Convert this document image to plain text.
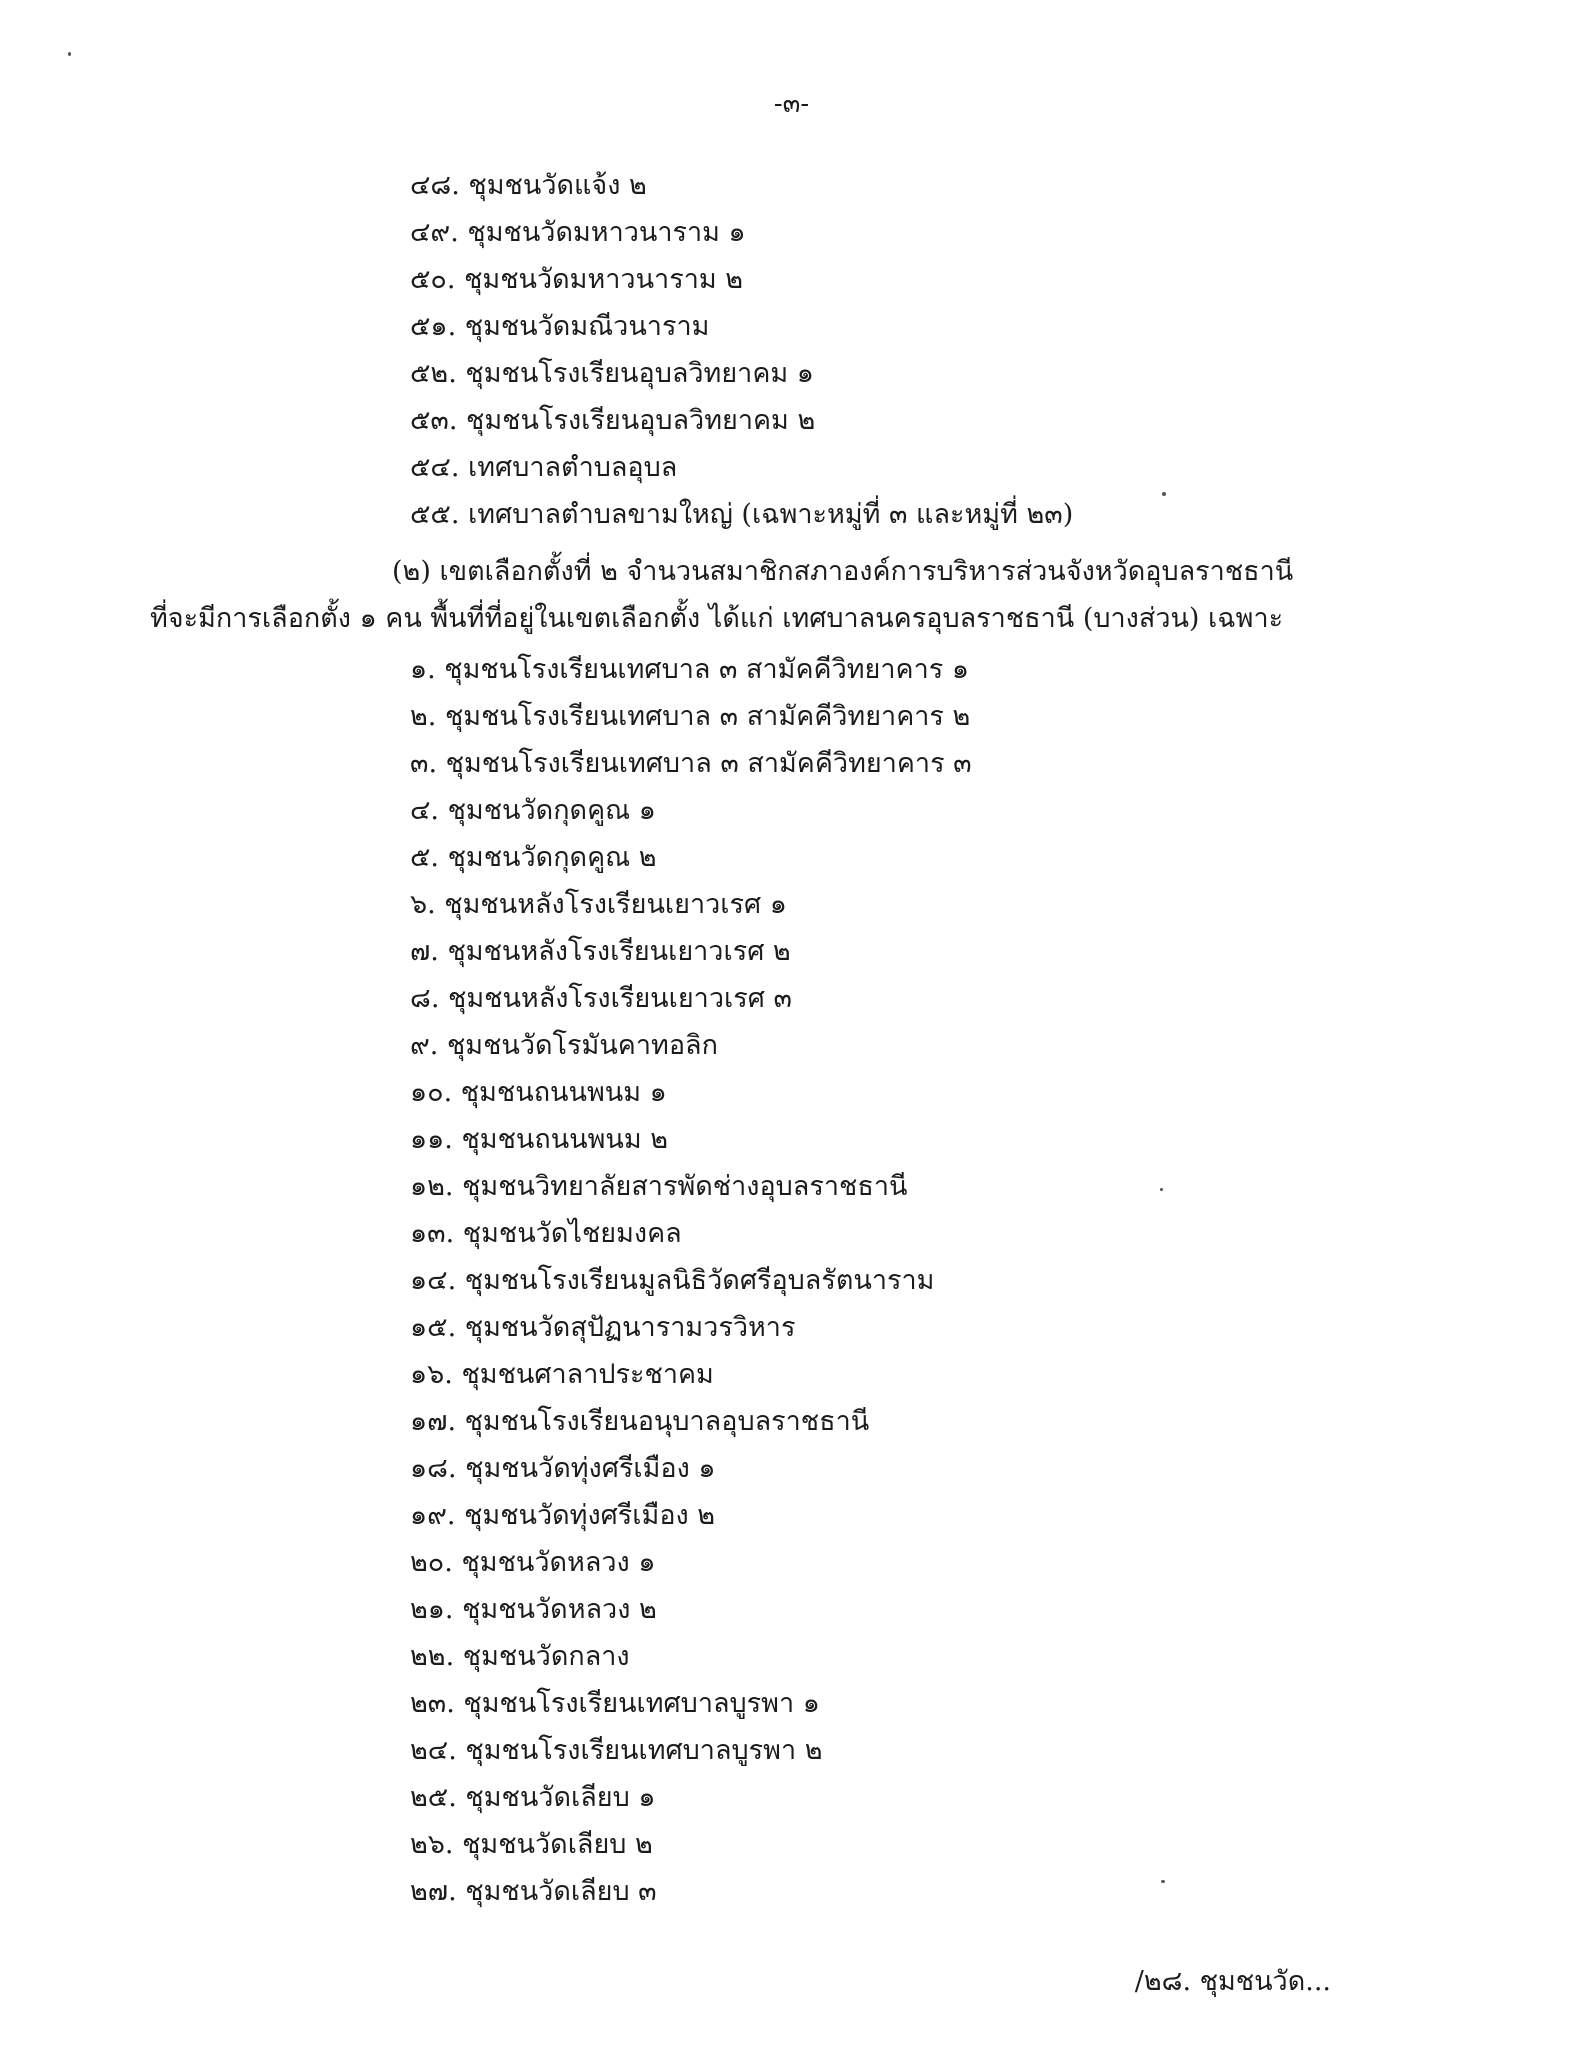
-๓-
๔๘. ชุมชนวัดแจ้ง ๒
๔๙. ชุมชนวัดมหาวนาราม ๑
๕๐. ชุมชนวัดมหาวนาราม ๒
๕๑. ชุมชนวัดมณีวนาราม
๕๒. ชุมชนโรงเรียนอุบลวิทยาคม ๑
๕๓. ชุมชนโรงเรียนอุบลวิทยาคม ๒
๕๔. เทศบาลตำบลอุบล
๕๕. เทศบาลตำบลขามใหญ่ (เฉพาะหมู่ที่ ๓ และหมู่ที่ ๒๓)
(๒) เขตเลือกตั้งที่ ๒ จำนวนสมาชิกสภาองค์การบริหารส่วนจังหวัดอุบลราชธานี
ที่จะมีการเลือกตั้ง ๑ คน พื้นที่ที่อยู่ในเขตเลือกตั้ง ได้แก่ เทศบาลนครอุบลราชธานี (บางส่วน) เฉพาะ
๑. ชุมชนโรงเรียนเทศบาล ๓ สามัคคีวิทยาคาร ๑
๒. ชุมชนโรงเรียนเทศบาล ๓ สามัคคีวิทยาคาร ๒
๓. ชุมชนโรงเรียนเทศบาล ๓ สามัคคีวิทยาคาร ๓
๔. ชุมชนวัดกุดคูณ ๑
๕. ชุมชนวัดกุดคูณ ๒
๖. ชุมชนหลังโรงเรียนเยาวเรศ ๑
๗. ชุมชนหลังโรงเรียนเยาวเรศ ๒
๘. ชุมชนหลังโรงเรียนเยาวเรศ ๓
๙. ชุมชนวัดโรมันคาทอลิก
๑๐. ชุมชนถนนพนม ๑
๑๑. ชุมชนถนนพนม ๒
๑๒. ชุมชนวิทยาลัยสารพัดช่างอุบลราชธานี
๑๓. ชุมชนวัดไชยมงคล
๑๔. ชุมชนโรงเรียนมูลนิธิวัดศรีอุบลรัตนาราม
๑๕. ชุมชนวัดสุปัฏนารามวรวิหาร
๑๖. ชุมชนศาลาประชาคม
๑๗. ชุมชนโรงเรียนอนุบาลอุบลราชธานี
๑๘. ชุมชนวัดทุ่งศรีเมือง ๑
๑๙. ชุมชนวัดทุ่งศรีเมือง ๒
๒๐. ชุมชนวัดหลวง ๑
๒๑. ชุมชนวัดหลวง ๒
๒๒. ชุมชนวัดกลาง
๒๓. ชุมชนโรงเรียนเทศบาลบูรพา ๑
๒๔. ชุมชนโรงเรียนเทศบาลบูรพา ๒
๒๕. ชุมชนวัดเลียบ ๑
๒๖. ชุมชนวัดเลียบ ๒
๒๗. ชุมชนวัดเลียบ ๓
/๒๘. ชุมชนวัด...
